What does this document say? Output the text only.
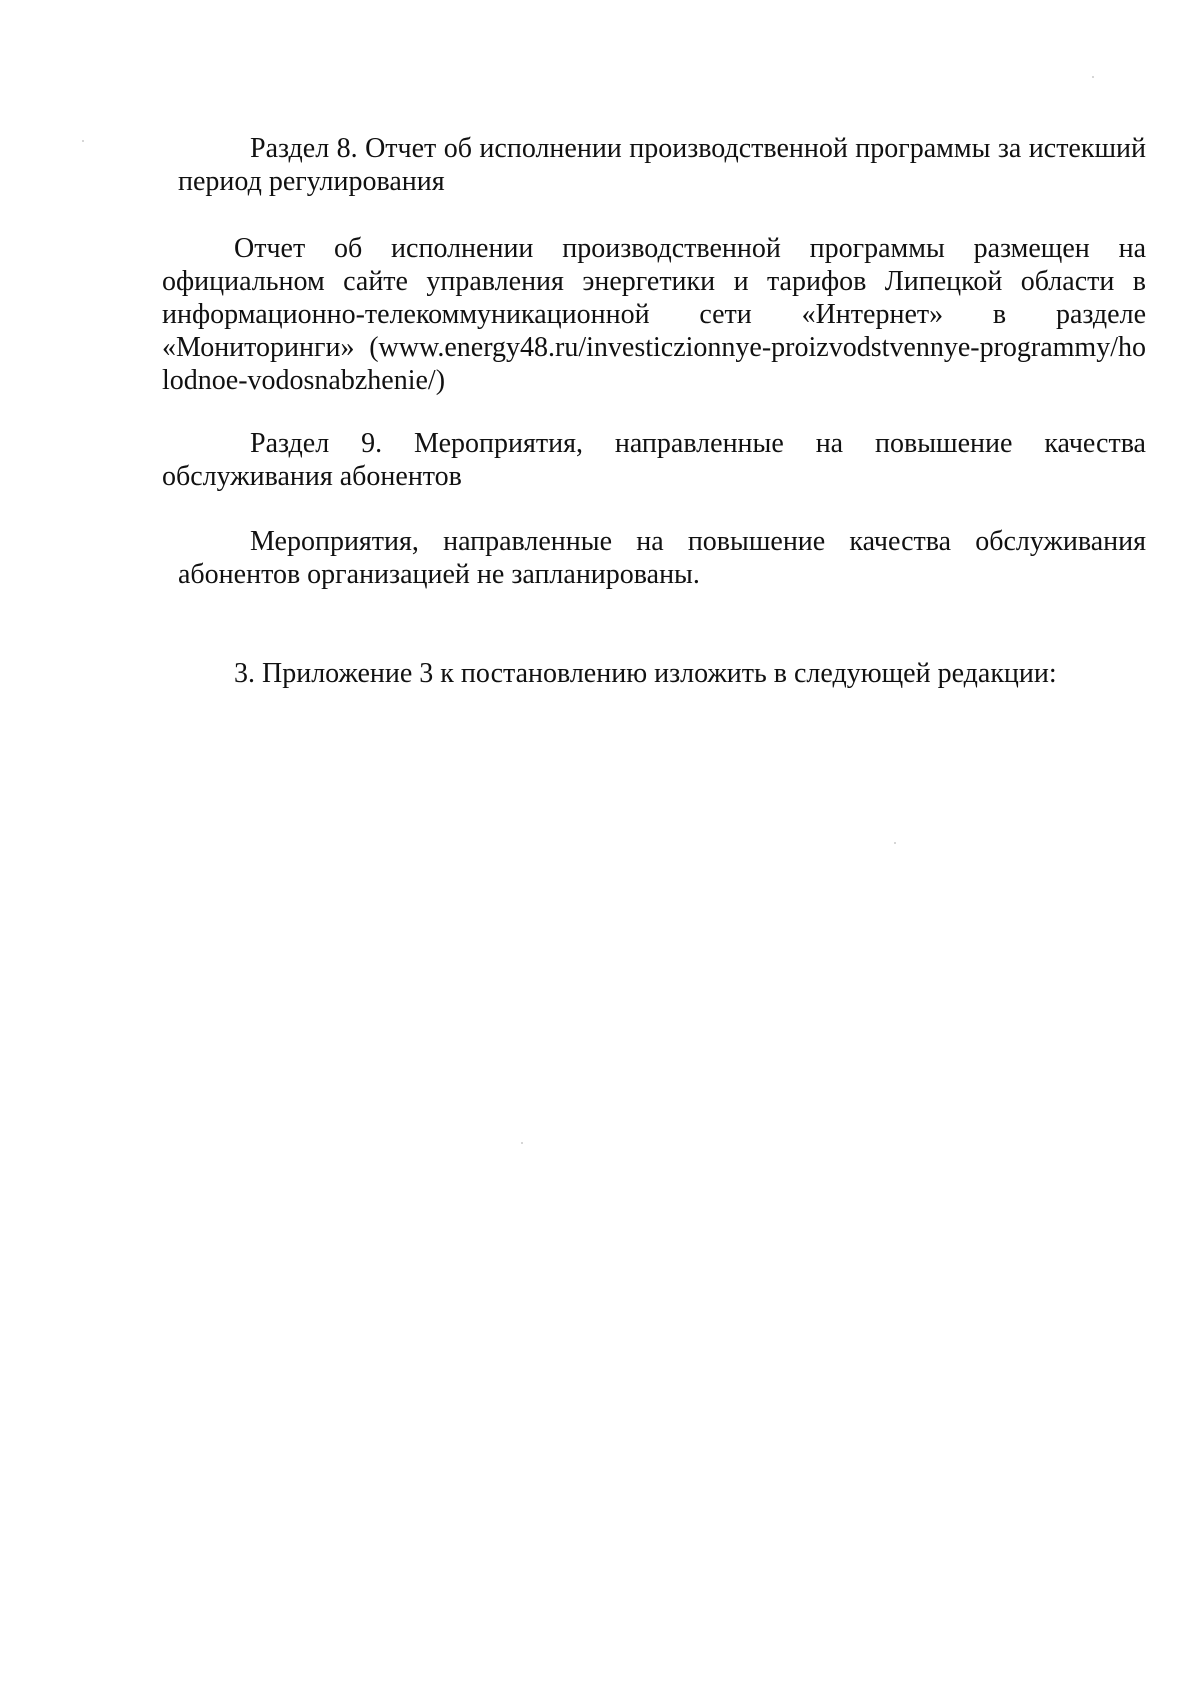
Раздел 8. Отчет об исполнении производственной программы за истекший период регулирования

Отчет об исполнении производственной программы размещен на официальном сайте управления энергетики и тарифов Липецкой области в информационно-телекоммуникационной сети «Интернет» в разделе «Мониторинги» (www.energy48.ru/investiczionnye-proizvodstvennye-programmy/holodnoe-vodosnabzhenie/)

Раздел 9. Мероприятия, направленные на повышение качества обслуживания абонентов

Мероприятия, направленные на повышение качества обслуживания абонентов организацией не запланированы.

3. Приложение 3 к постановлению изложить в следующей редакции:
